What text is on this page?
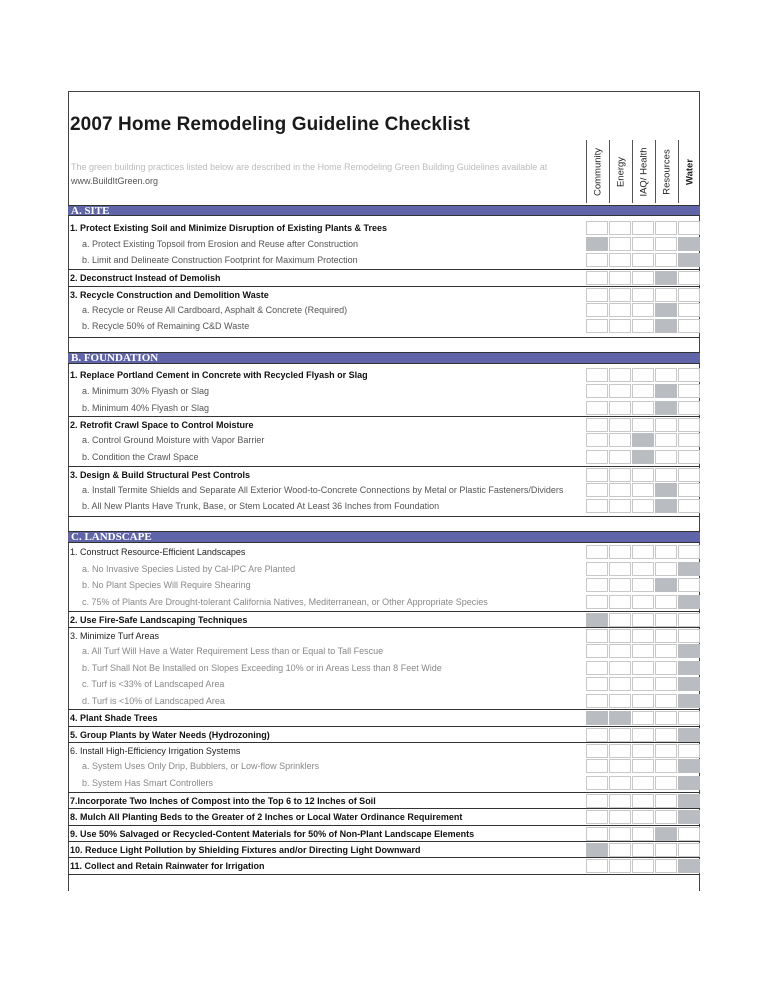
2007 Home Remodeling Guideline Checklist
The green building practices listed below are described in the Home Remodeling Green Building Guidelines available at www.BuildItGreen.org	Community Energy IAQ/ Health Resources Water
A. SITE
1. Protect Existing Soil and Minimize Disruption of Existing Plants & Trees
a. Protect Existing Topsoil from Erosion and Reuse after Construction
b. Limit and Delineate Construction Footprint for Maximum Protection
2. Deconstruct Instead of Demolish
3. Recycle Construction and Demolition Waste
a. Recycle or Reuse All Cardboard, Asphalt & Concrete (Required)
b. Recycle 50% of Remaining C&D Waste
B. FOUNDATION
1. Replace Portland Cement in Concrete with Recycled Flyash or Slag
a. Minimum 30% Flyash or Slag
b. Minimum 40% Flyash or Slag
2. Retrofit Crawl Space to Control Moisture
a. Control Ground Moisture with Vapor Barrier
b. Condition the Crawl Space
3. Design & Build Structural Pest Controls
a. Install Termite Shields and Separate All Exterior Wood-to-Concrete Connections by Metal or Plastic Fasteners/Dividers
b. All New Plants Have Trunk, Base, or Stem Located At Least 36 Inches from Foundation
C. LANDSCAPE
1. Construct Resource-Efficient Landscapes
a. No Invasive Species Listed by Cal-IPC Are Planted
b. No Plant Species Will Require Shearing
c. 75% of Plants Are Drought-tolerant California Natives, Mediterranean, or Other Appropriate Species
2. Use Fire-Safe Landscaping Techniques
3. Minimize Turf Areas
a. All Turf Will Have a Water Requirement Less than or Equal to Tall Fescue
b. Turf Shall Not Be Installed on Slopes Exceeding 10% or in Areas Less than 8 Feet Wide
c. Turf is <33% of Landscaped Area
d. Turf is <10% of Landscaped Area
4. Plant Shade Trees
5. Group Plants by Water Needs (Hydrozoning)
6. Install High-Efficiency Irrigation Systems
a. System Uses Only Drip, Bubblers, or Low-flow Sprinklers
b. System Has Smart Controllers
7.Incorporate Two Inches of Compost into the Top 6 to 12 Inches of Soil
8. Mulch All Planting Beds to the Greater of 2 Inches or Local Water Ordinance Requirement
9. Use 50% Salvaged or Recycled-Content Materials for 50% of Non-Plant Landscape Elements
10. Reduce Light Pollution by Shielding Fixtures and/or Directing Light Downward
11. Collect and Retain Rainwater for Irrigation
